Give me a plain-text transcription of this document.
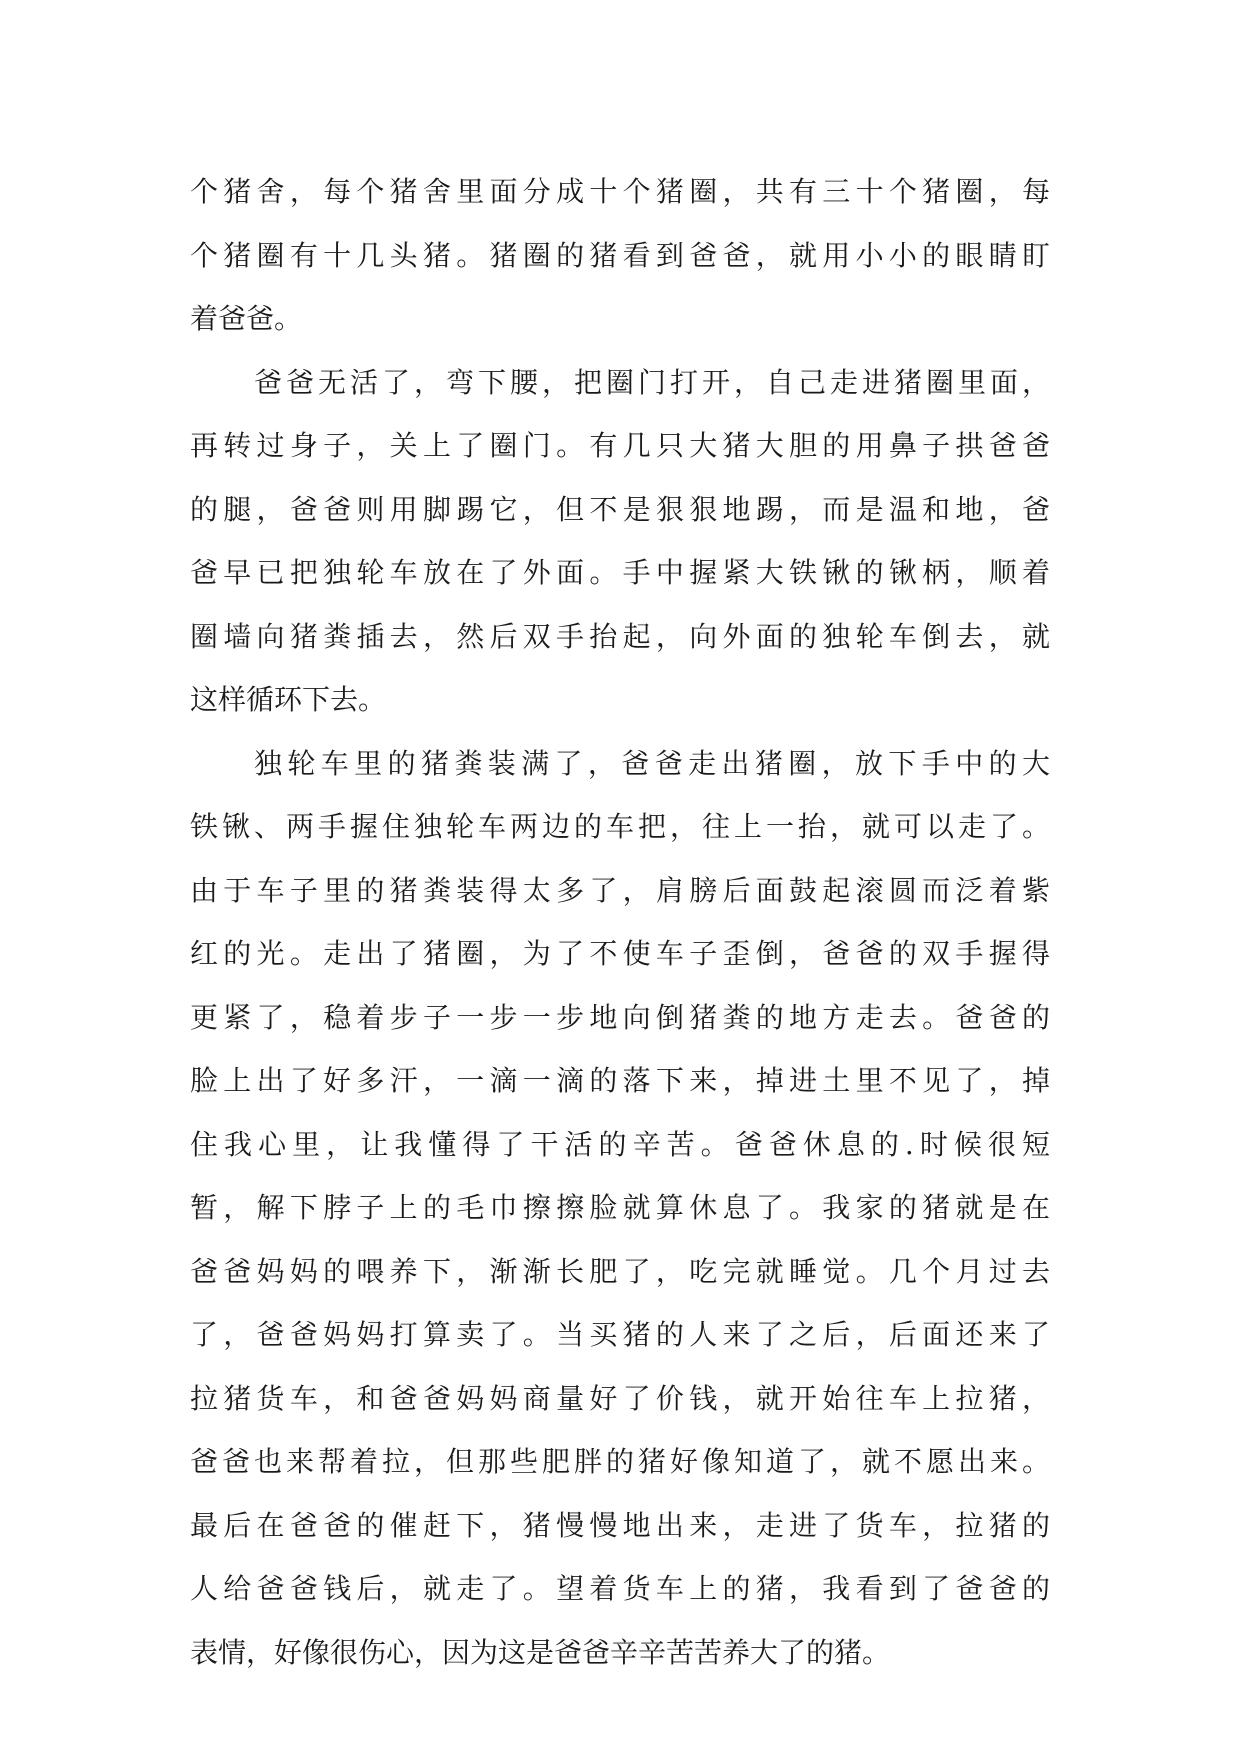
个猪舍，每个猪舍里面分成十个猪圈，共有三十个猪圈，每
个猪圈有十几头猪。猪圈的猪看到爸爸，就用小小的眼睛盯
着爸爸。
爸爸无活了，弯下腰，把圈门打开，自己走进猪圈里面，
再转过身子，关上了圈门。有几只大猪大胆的用鼻子拱爸爸
的腿，爸爸则用脚踢它，但不是狠狠地踢，而是温和地，爸
爸早已把独轮车放在了外面。手中握紧大铁锹的锹柄，顺着
圈墙向猪粪插去，然后双手抬起，向外面的独轮车倒去，就
这样循环下去。
独轮车里的猪粪装满了，爸爸走出猪圈，放下手中的大
铁锹、两手握住独轮车两边的车把，往上一抬，就可以走了。
由于车子里的猪粪装得太多了，肩膀后面鼓起滚圆而泛着紫
红的光。走出了猪圈，为了不使车子歪倒，爸爸的双手握得
更紧了，稳着步子一步一步地向倒猪粪的地方走去。爸爸的
脸上出了好多汗，一滴一滴的落下来，掉进土里不见了，掉
住我心里，让我懂得了干活的辛苦。爸爸休息的.时候很短
暂，解下脖子上的毛巾擦擦脸就算休息了。我家的猪就是在
爸爸妈妈的喂养下，渐渐长肥了，吃完就睡觉。几个月过去
了，爸爸妈妈打算卖了。当买猪的人来了之后，后面还来了
拉猪货车，和爸爸妈妈商量好了价钱，就开始往车上拉猪，
爸爸也来帮着拉，但那些肥胖的猪好像知道了，就不愿出来。
最后在爸爸的催赶下，猪慢慢地出来，走进了货车，拉猪的
人给爸爸钱后，就走了。望着货车上的猪，我看到了爸爸的
表情，好像很伤心，因为这是爸爸辛辛苦苦养大了的猪。
